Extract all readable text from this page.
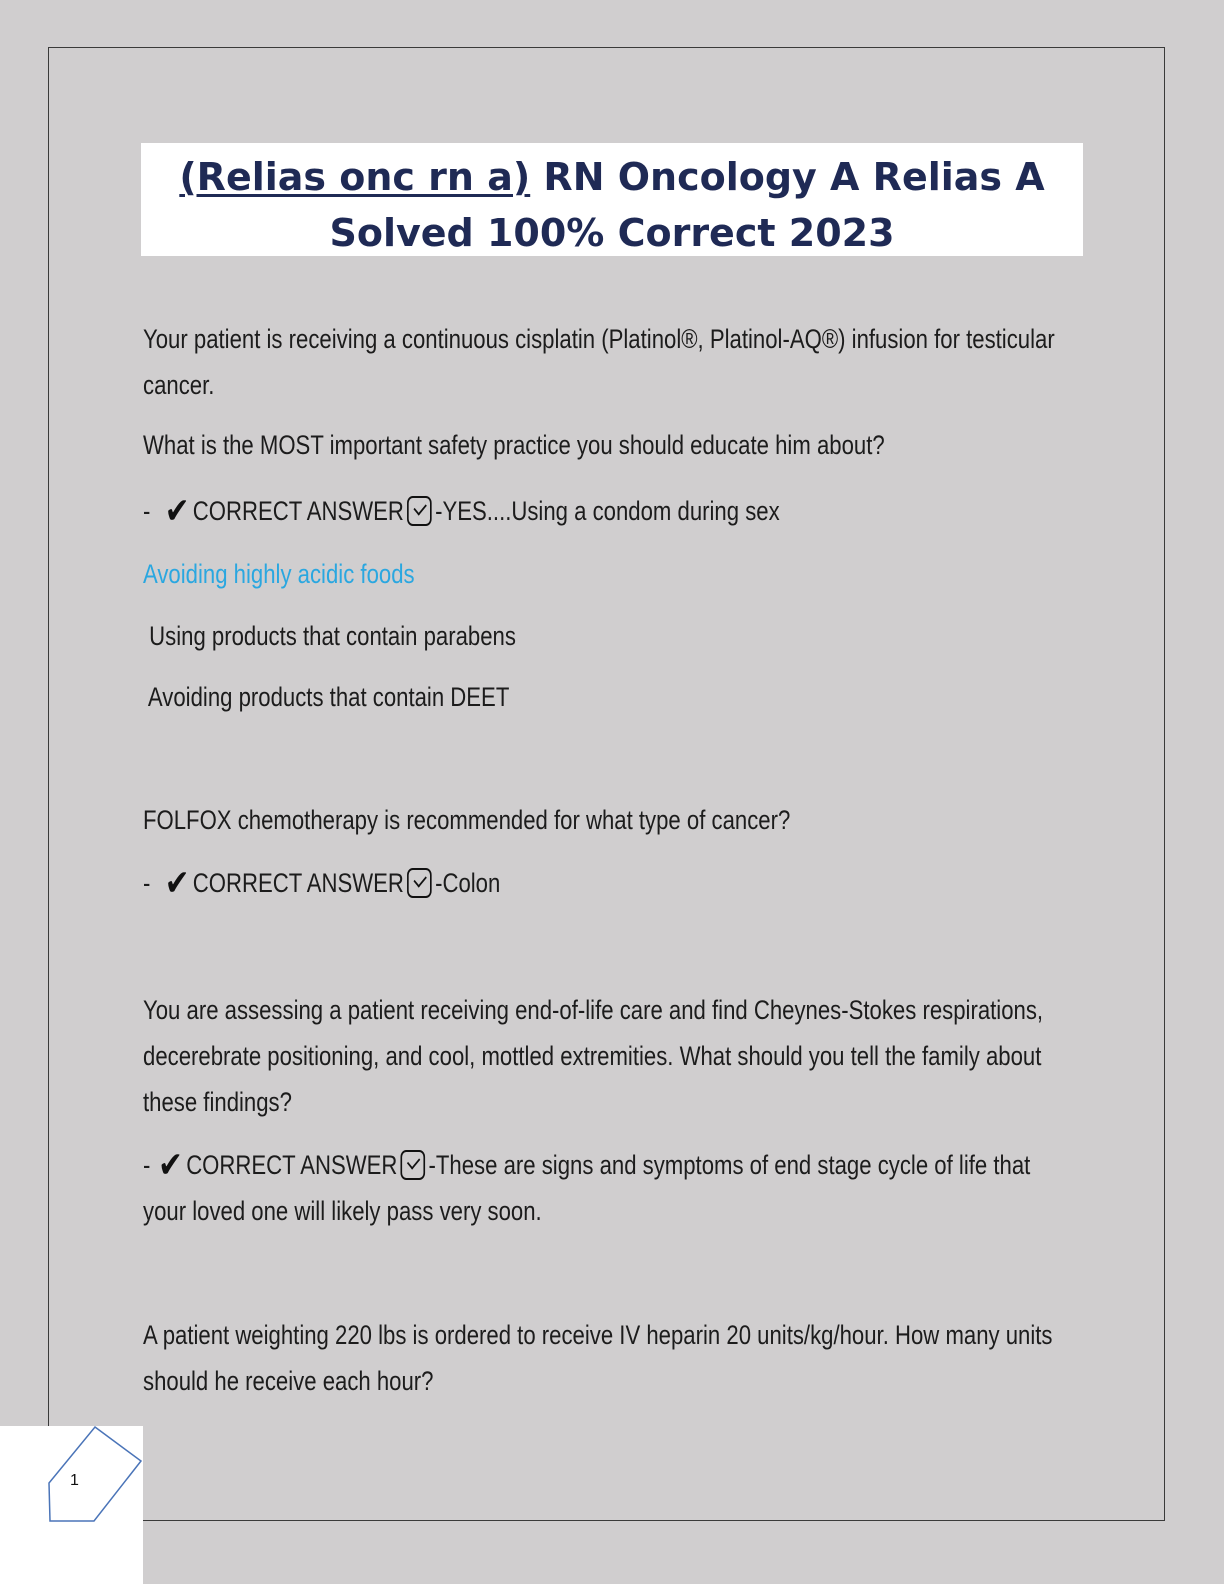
(Relias onc rn a) RN Oncology A Relias A
Solved 100% Correct 2023
Your patient is receiving a continuous cisplatin (Platinol®, Platinol-AQ®) infusion for testicular cancer.
What is the MOST important safety practice you should educate him about?
- ✔ CORRECT ANSWER -YES....Using a condom during sex
Avoiding highly acidic foods
Using products that contain parabens
Avoiding products that contain DEET
FOLFOX chemotherapy is recommended for what type of cancer?
- ✔ CORRECT ANSWER -Colon
You are assessing a patient receiving end-of-life care and find Cheynes-Stokes respirations, decerebrate positioning, and cool, mottled extremities. What should you tell the family about these findings?
- ✔ CORRECT ANSWER -These are signs and symptoms of end stage cycle of life that your loved one will likely pass very soon.
A patient weighting 220 lbs is ordered to receive IV heparin 20 units/kg/hour. How many units should he receive each hour?
1
